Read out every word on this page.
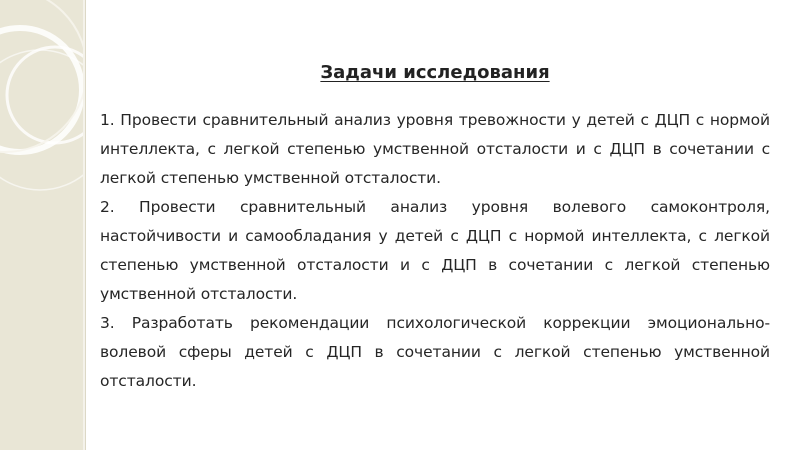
Задачи исследования
1. Провести сравнительный анализ уровня тревожности у детей с ДЦП с нормой интеллекта, с легкой степенью умственной отсталости и с ДЦП в сочетании с легкой степенью умственной отсталости.
2. Провести сравнительный анализ уровня волевого самоконтроля, настойчивости и самообладания у детей с ДЦП с нормой интеллекта, с легкой степенью умственной отсталости и с ДЦП в сочетании с легкой степенью умственной отсталости.
3. Разработать рекомендации психологической коррекции эмоционально-волевой сферы детей с ДЦП в сочетании с легкой степенью умственной отсталости.
